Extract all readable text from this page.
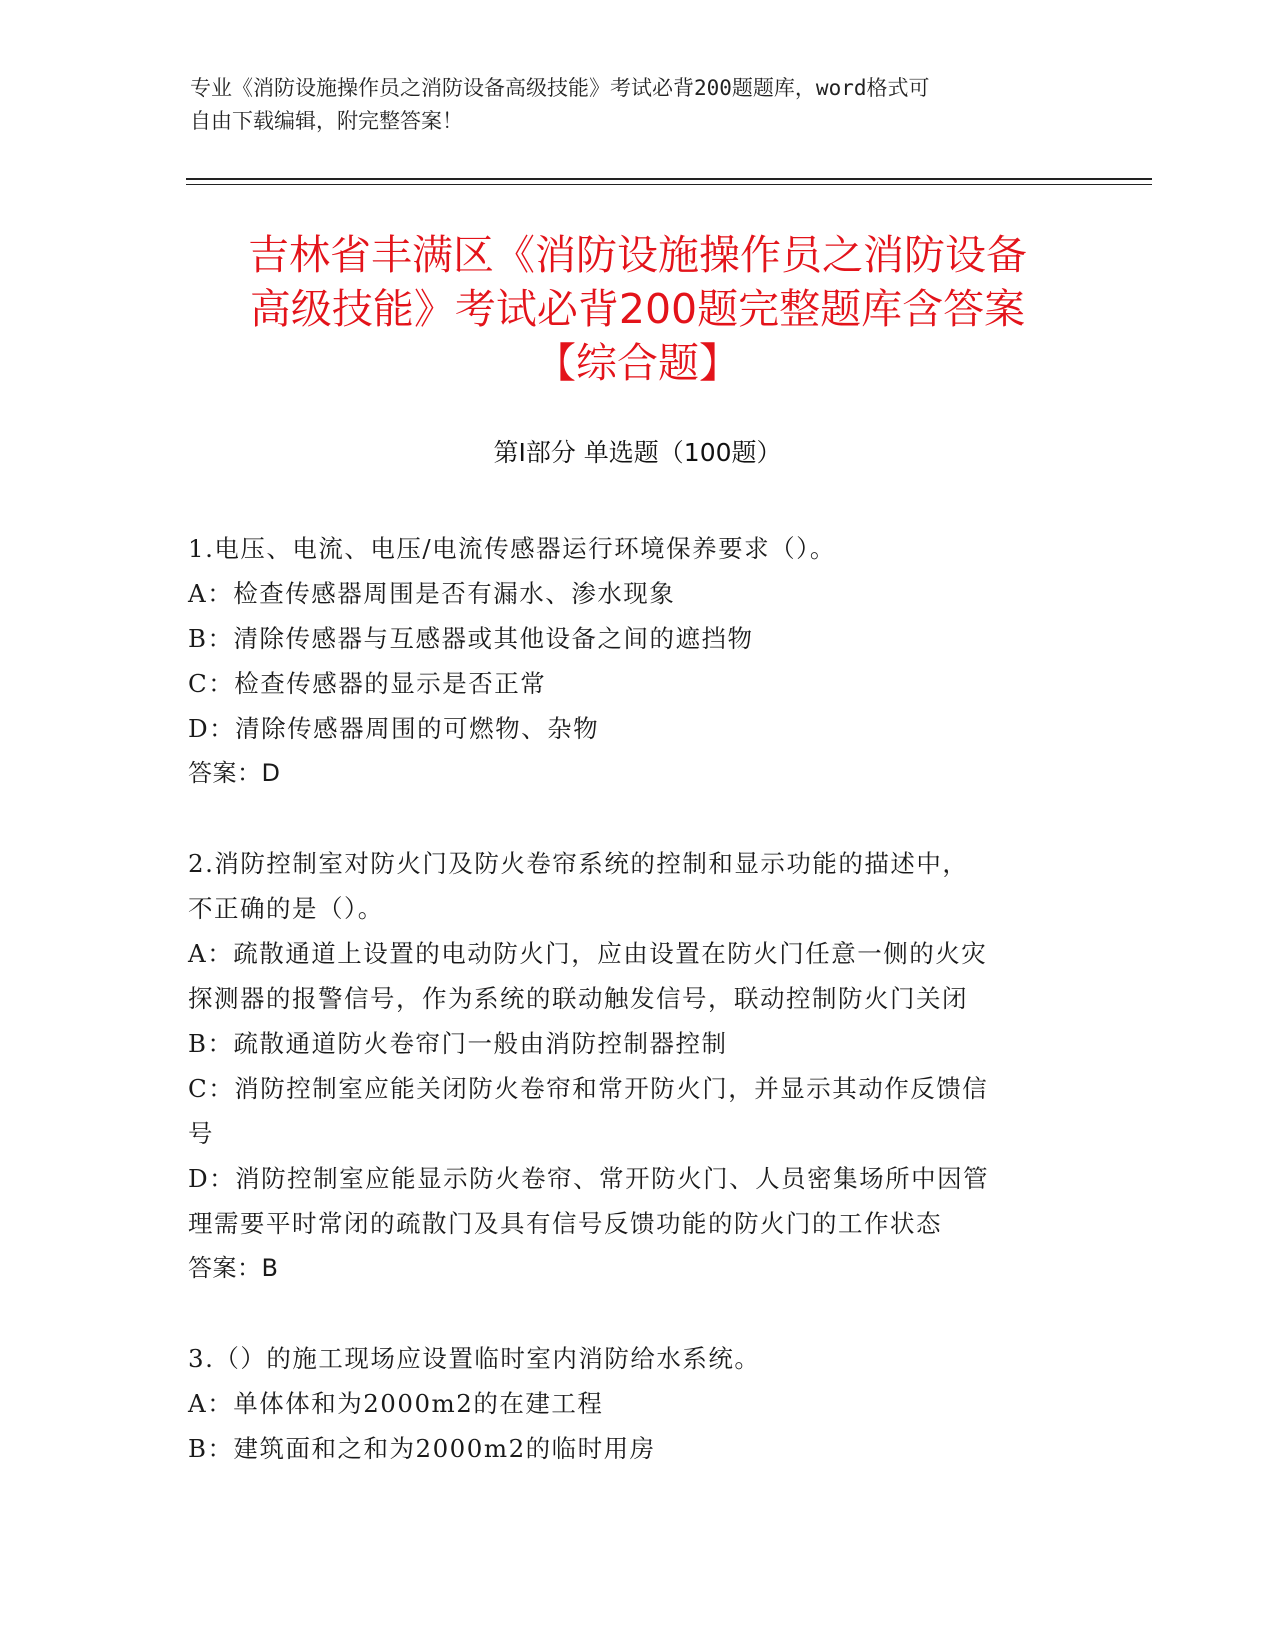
专业《消防设施操作员之消防设备高级技能》考试必背200题题库，word格式可
自由下载编辑，附完整答案！
吉林省丰满区《消防设施操作员之消防设备
高级技能》考试必背200题完整题库含答案
【综合题】
第I部分 单选题（100题）

1.电压、电流、电压/电流传感器运行环境保养要求（）。

A：检查传感器周围是否有漏水、渗水现象

B：清除传感器与互感器或其他设备之间的遮挡物

C：检查传感器的显示是否正常

D：清除传感器周围的可燃物、杂物

答案：D

2.消防控制室对防火门及防火卷帘系统的控制和显示功能的描述中，

不正确的是（）。

A：疏散通道上设置的电动防火门，应由设置在防火门任意一侧的火灾

探测器的报警信号，作为系统的联动触发信号，联动控制防火门关闭

B：疏散通道防火卷帘门一般由消防控制器控制

C：消防控制室应能关闭防火卷帘和常开防火门，并显示其动作反馈信

号

D：消防控制室应能显示防火卷帘、常开防火门、人员密集场所中因管

理需要平时常闭的疏散门及具有信号反馈功能的防火门的工作状态

答案：B

3.（）的施工现场应设置临时室内消防给水系统。

A：单体体和为2000m2的在建工程

B：建筑面和之和为2000m2的临时用房
